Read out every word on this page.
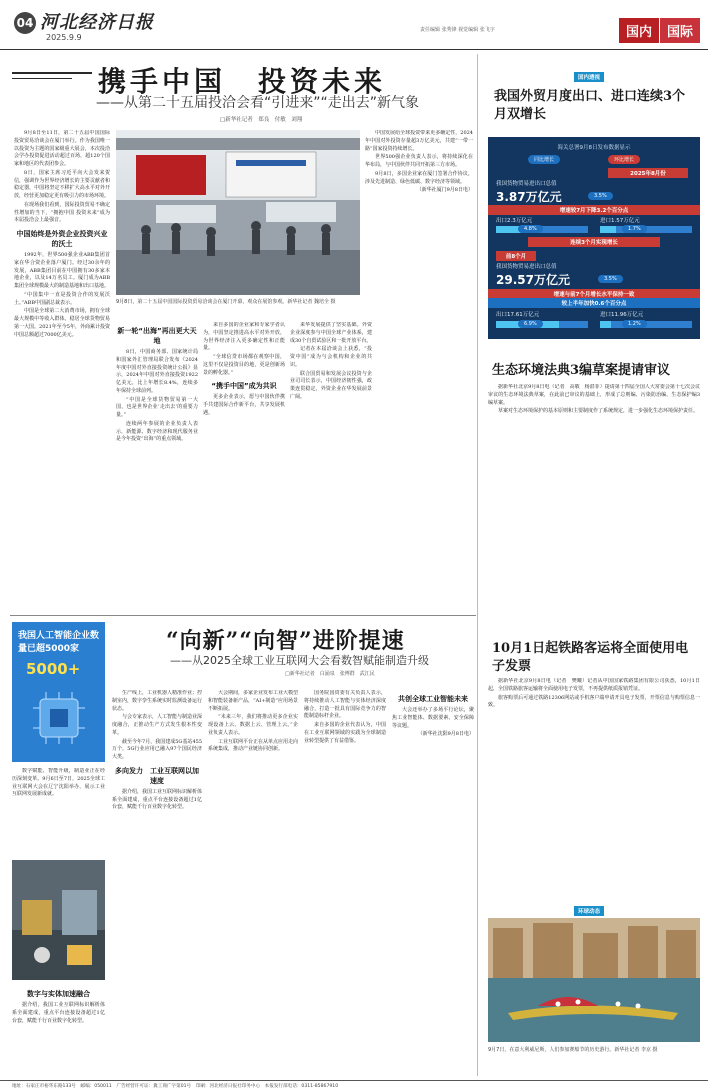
04 河北经济日报
2025.9.9
责任编辑 张秀锋 视觉编辑 张飞宇	国内	国际
携手中国　投资未来
——从第二十五届投洽会看“引进来”“走出去”新气象
□新华社记者　郑良　付敏　刘翔

9月8日至11日，第二十五届中国国际投资贸易洽谈会在厦门举行。作为我国唯一以投资为主题的国家级重大展会，本次投洽会学办投资促进活动超过百场，超120个国家和地区的代表团参会。

8日，国家主席习近平向大会发来贺信，强调作为世界经济增长的主要贡献者和稳定器，中国将坚定不移扩大高水平对外开放，经营更加稳定更有吸引力的市场环境。

在现场我们看到，国际投资贸易不确定性增加的当下，“拥抱中国 投资未来”成为本届投洽会上最强音。

中国始终是外资企业投资兴业的沃土

1992年，世界500强企业ABB集团首家在华合资企业落户厦门。经过30余年的发展，ABB集团目前在中国拥有30多家本地企业，以及14万名员工。厦门成为ABB集团全球规模最大的制造基地和出口基地。

“中国集中一直是投资合作的发展沃土。”ABB中国副总裁表示。

中国是全球第二大消费市场，拥有全球最大规模中等收入群体，稳居全球货物贸易第一大国。2021年至今5年，外商累计投资中国总额超过7000亿美元。

9月8日，第二十五届中国国际投资贸易洽谈会在厦门开幕，观众在展馆参观。新华社记者 魏培全 摄
新一轮“出海”再出更大天地

8日，中国商务部、国家统计局和国家外汇管理局联合发布《2024年度中国对外直接投资统计公报》显示，2024年中国对外直接投资1922亿美元，比上年增长8.4%，连续多年保持全球前列。

“中国是全球货物贸易第一大国，也是世界企业‘走出去’的重要力量。”

连续两年参展的企业负责人表示，新能源、数字经济和现代服务业是今年投资“出海”的重点领域。

来自多国的企业家和专家学者认为，中国坚定推进高水平对外开放，为世界经济注入更多确定性和正能量。

“全球信贷市场都在观察中国，这里不仅是投资目的地，更是创新场景的孵化器。”

“携手中国”成为共识

更多企业表示，愿与中国伙伴携手共建国际合作新平台，共享发展机遇。

来华发展提供了坚实基础。外资企业深度参与中国全球产业体系，建成30个自贸试验区和一批开放平台。

记者在本届洽谈会上获悉，“投资中国”成为与会机构和企业的共识。

联合国贸易和发展会议投资与企业司司长表示，中国经济韧性强，政策连贯稳定，外资企业在华发展前景广阔。

中国发展给全球投资带来更多确定性，2024年中国对外投资存量超3万亿美元，共建“一带一路”国家投资持续增长。

世界500强企业负责人表示，将持续深化在华布局，与中国伙伴共同开拓第三方市场。

9月8日，多国企业家在厦门签署合作协议，涉及先进制造、绿色低碳、数字经济等领域。

（新华社厦门9月8日电）

我国人工智能企业数量已超5000家
5000+
“向新”“向智”进阶提速
——从2025全球工业互联网大会看数智赋能制造升级
□新华社记者　白涌泉　张博群　武江民

数字赋能、智能升级，制造业正在经历深刻变革。9月6日至7日，2025全球工业互联网大会在辽宁沈阳举办，展示工业互联网发展新成就。

数字与实体加速融合

据介绍，我国工业互联网标识解析体系全面建成，重点平台连接设备超过1亿台套，赋能千行百业数字化转型。

生产线上，工业机器人精准作业；控制室内，数字孪生系统实时监测设备运行状态。

与会专家表示，人工智能与制造业深度融合，正推动生产方式发生根本性变革。

截至今年7月，我国建成5G基站455万个，5G行业应用已融入97个国民经济大类。

多向发力　工业互联网以加速度

据介绍，我国工业互联网标识解析体系全面建成，重点平台连接设备超过1亿台套，赋能千行百业数字化转型。

大会期间，多家企业发布工业大模型和智能装备新产品，“AI+制造”应用场景不断拓展。

“未来三年，我们将推动更多企业实现设备上云、数据上云、管理上云。”企业负责人表示。

工业互联网平台正在从单点应用走向系统集成，推动产业链协同创新。

国务院国资委有关负责人表示，将持续推动人工智能与实体经济深度融合，打造一批具有国际竞争力的智能制造标杆企业。

来自多国的企业代表认为，中国在工业互联网领域的实践为全球制造业转型提供了有益借鉴。

共创全球工业智能未来

大会还举办了多场平行论坛，聚焦工业智能体、数据要素、安全保障等议题。

（新华社沈阳9月8日电）

国内透视
我国外贸月度出口、进口连续3个月双增长
海关总署9月8日发布数据显示
同比增长	环比增长
2025年8月份
我国货物贸易进出口总值
3.87万亿元	3.5%
增速较7月下降3.2个百分点
出口2.3万亿元	进口1.57万亿元
4.8%	1.7%
连续3个月实现增长
前8个月
我国货物贸易进出口总值
29.57万亿元	3.5%
增速与前7个月增长水平保持一致
较上半年加快0.6个百分点
出口17.61万亿元	进口11.96万亿元
6.9%	1.2%
生态环境法典3编草案提请审议

据新华社北京9月8日电（记者　高敬　杨湛菲）提请第十四届全国人大常委会第十七次会议审议的生态环境法典草案，在此前已审议的基础上，形成了总则编、污染防治编、生态保护编3编草案。

草案对生态环境保护的基本原则和主要制度作了系统规定，进一步强化生态环境保护责任。

10月1日起铁路客运将全面使用电子发票

据新华社北京9月8日电（记者　樊曦）记者从中国国家铁路集团有限公司获悉，10月1日起，全国铁路旅客运输将全面使用电子发票，不再提供纸质报销凭证。

旅客购票后可通过铁路12306网站或手机客户端申请开具电子发票，开票信息与购票信息一致。

环球动态
9月7日，在意大利威尼斯，人们参加赛船节的历史游行。新华社记者 李京 摄
地址：石家庄市裕华东路133号　邮编：050011　广告经营许可证：冀工商广字第01号　印刷：河北经济日报社印务中心　本报发行部电话：0311-85867910
